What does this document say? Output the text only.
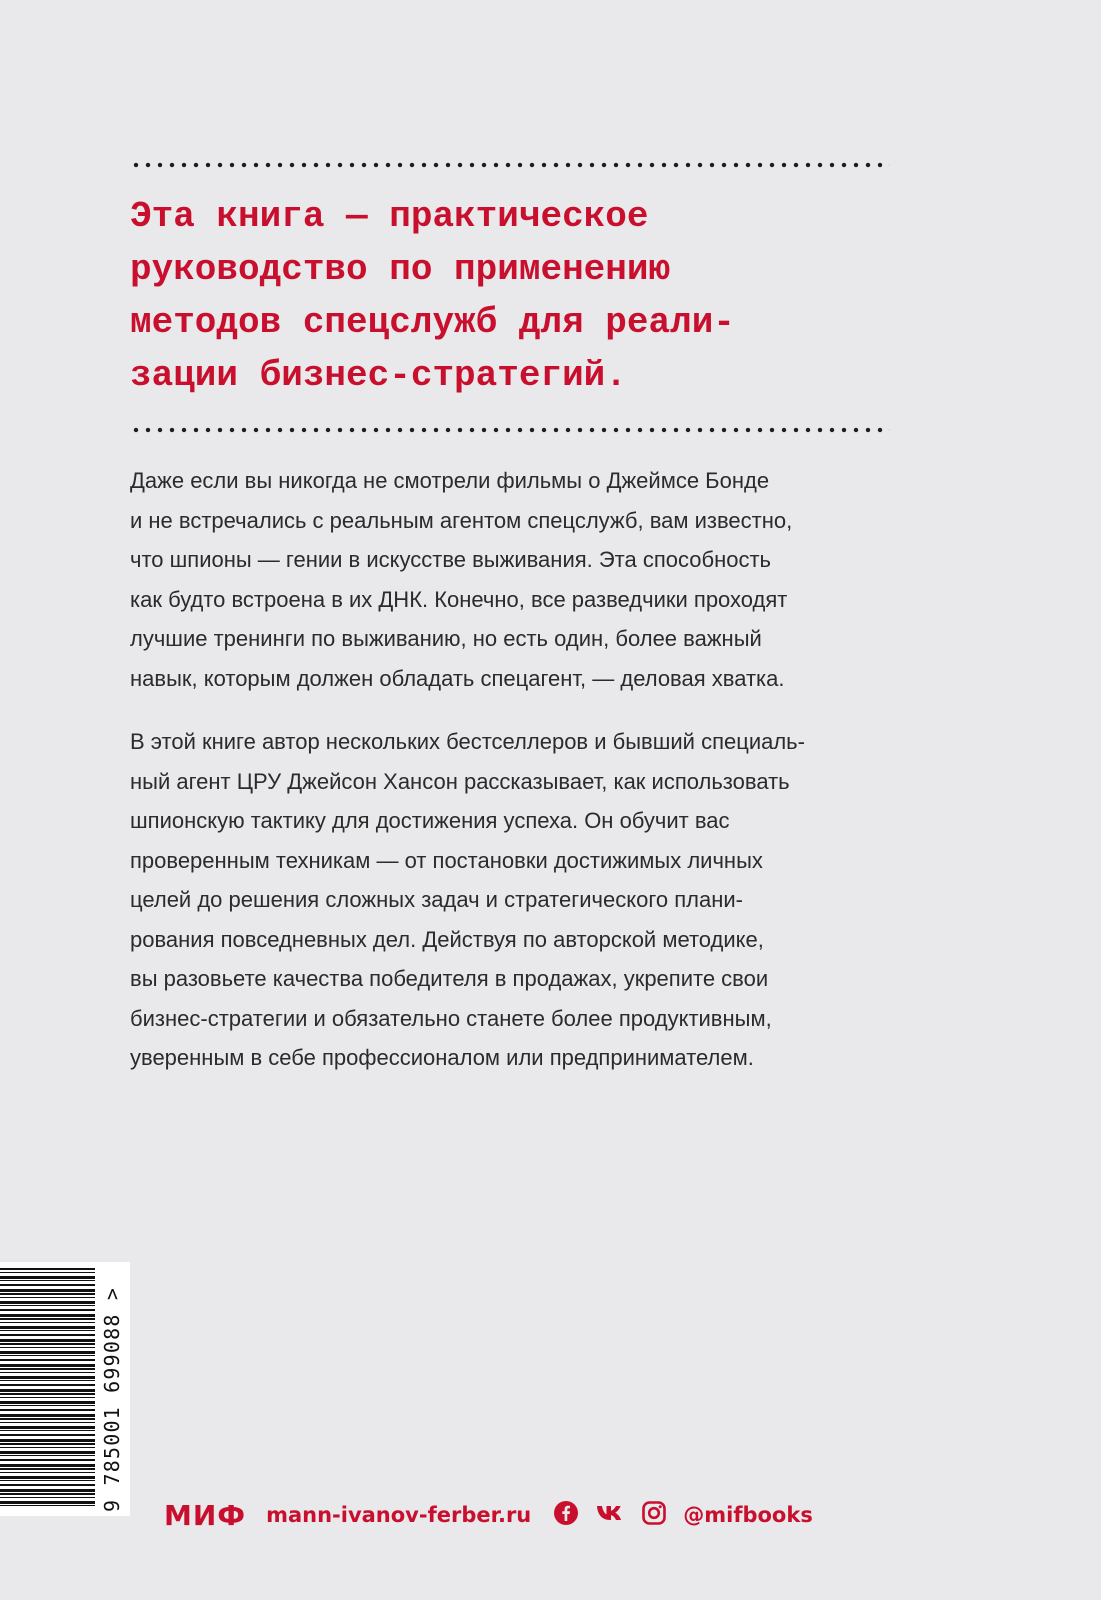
Эта книга — практическое
руководство по применению
методов спецслужб для реали-
зации бизнес-стратегий.
Даже если вы никогда не смотрели фильмы о Джеймсе Бонде
и не встречались с реальным агентом спецслужб, вам известно,
что шпионы — гении в искусстве выживания. Эта способность
как будто встроена в их ДНК. Конечно, все разведчики проходят
лучшие тренинги по выживанию, но есть один, более важный
навык, которым должен обладать спецагент, — деловая хватка.
В этой книге автор нескольких бестселлеров и бывший специаль-
ный агент ЦРУ Джейсон Хансон рассказывает, как использовать
шпионскую тактику для достижения успеха. Он обучит вас
проверенным техникам — от постановки достижимых личных
целей до решения сложных задач и стратегического плани-
рования повседневных дел. Действуя по авторской методике,
вы разовьете качества победителя в продажах, укрепите свои
бизнес-стратегии и обязательно станете более продуктивным,
уверенным в себе профессионалом или предпринимателем.
9 785001 699088 >
МИФ mann-ivanov-ferber.ru	@mifbooks
